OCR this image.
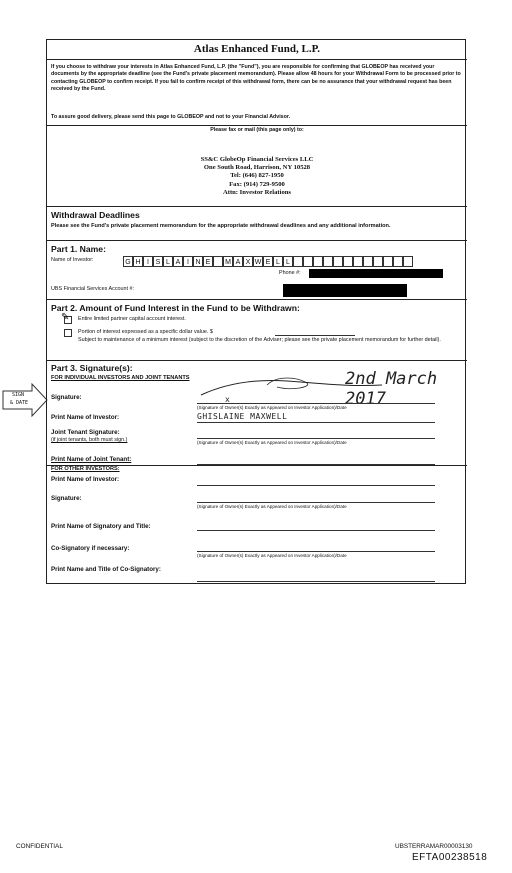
SIGN
& DATE
Atlas Enhanced Fund, L.P.
If you choose to withdraw your interests in Atlas Enhanced Fund, L.P. (the "Fund"), you are responsible for confirming that GLOBEOP has received your documents by the appropriate deadline (see the Fund's private placement memorandum). Please allow 48 hours for your Withdrawal Form to be processed prior to contacting GLOBEOP to confirm receipt. If you fail to confirm receipt of this withdrawal form, there can be no assurance that your withdrawal request has been received by the Fund.
To assure good delivery, please send this page to GLOBEOP and not to your Financial Advisor.
Please fax or mail (this page only) to:
SS&C GlobeOp Financial Services LLC
One South Road, Harrison, NY 10528
Tel: (646) 827-1950
Fax: (914) 729-9500
Attn: Investor Relations
Withdrawal Deadlines
Please see the Fund's private placement memorandum for the appropriate withdrawal deadlines and any additional information.
Part 1. Name:
Name of Investor:	G H I S L A I N E	M A X W E L L
Phone #:
UBS Financial Services Account #:
Part 2. Amount of Fund Interest in the Fund to be Withdrawn:
✎ Entire limited partner capital account interest.
Portion of interest expressed as a specific dollar value. $
Subject to maintenance of a minimum interest (subject to the discretion of the Adviser; please see the private placement memorandum for further detail).
Part 3. Signature(s):
FOR INDIVIDUAL INVESTORS AND JOINT TENANTS
x
2nd March 2017
Signature:
(Signature of Owner(s) Exactly as Appeared on Investor Application)/Date
Print Name of Investor:	GHISLAINE MAXWELL
Joint Tenant Signature:
(if joint tenants, both must sign.)	(Signature of Owner(s) Exactly as Appeared on Investor Application)/Date
Print Name of Joint Tenant:
FOR OTHER INVESTORS:
Print Name of Investor:
Signature:
(Signature of Owner(s) Exactly as Appeared on Investor Application)/Date
Print Name of Signatory and Title:
Co-Signatory if necessary:
(Signature of Owner(s) Exactly as Appeared on Investor Application)/Date
Print Name and Title of Co-Signatory:
CONFIDENTIAL	UBSTERRAMAR00003130
EFTA00238518
